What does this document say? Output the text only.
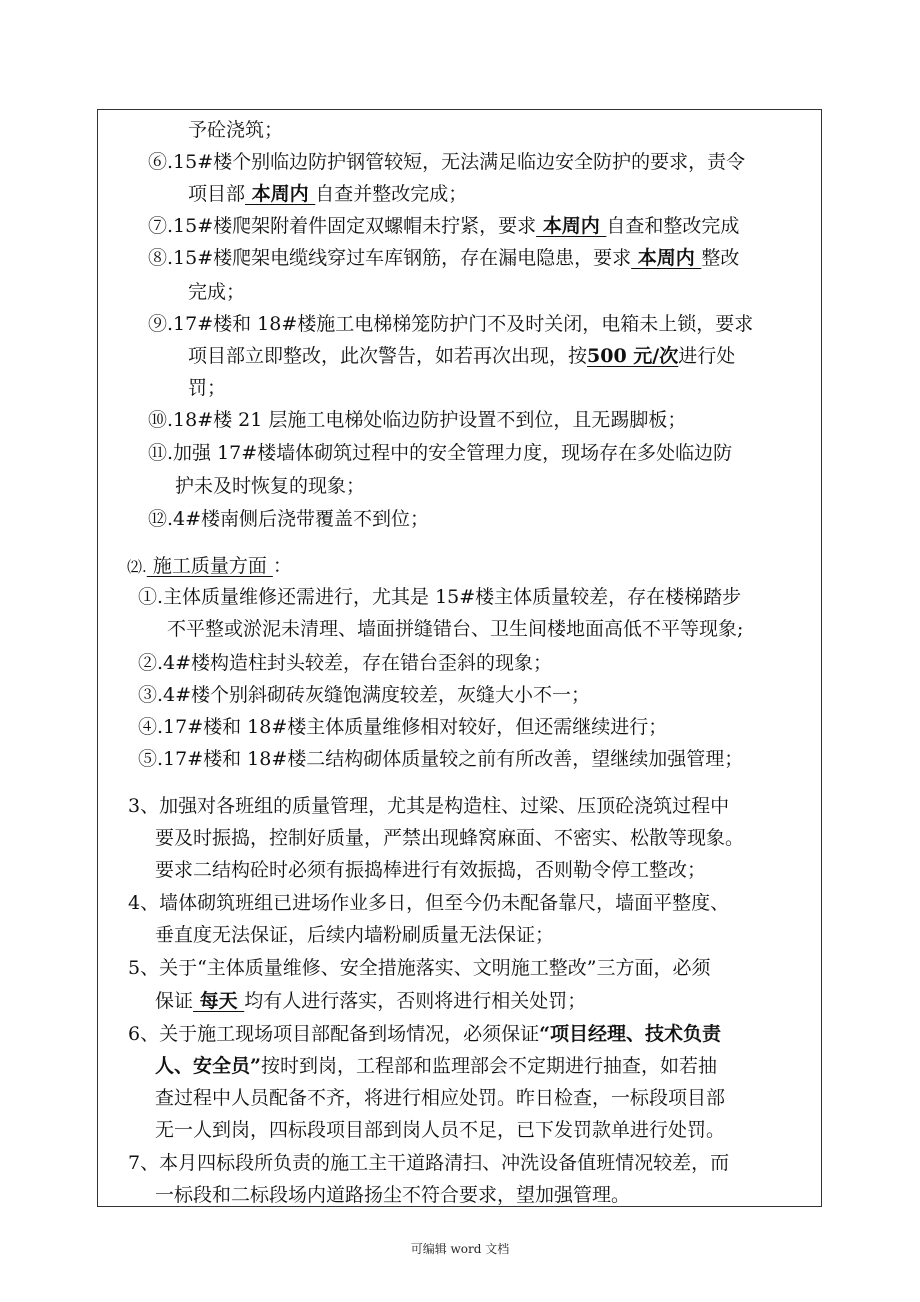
予砼浇筑；
⑥.15#楼个别临边防护钢管较短，无法满足临边安全防护的要求，责令
项目部 本周内 自查并整改完成；
⑦.15#楼爬架附着件固定双螺帽未拧紧，要求 本周内 自查和整改完成
⑧.15#楼爬架电缆线穿过车库钢筋，存在漏电隐患，要求 本周内 整改
完成；
⑨.17#楼和 18#楼施工电梯梯笼防护门不及时关闭，电箱未上锁，要求
项目部立即整改，此次警告，如若再次出现，按500 元/次进行处
罚；
⑩.18#楼 21 层施工电梯处临边防护设置不到位，且无踢脚板；
⑪.加强 17#楼墙体砌筑过程中的安全管理力度，现场存在多处临边防
护未及时恢复的现象；
⑫.4#楼南侧后浇带覆盖不到位；
⑵. 施工质量方面 ：
①.主体质量维修还需进行，尤其是 15#楼主体质量较差，存在楼梯踏步
不平整或淤泥未清理、墙面拼缝错台、卫生间楼地面高低不平等现象;
②.4#楼构造柱封头较差，存在错台歪斜的现象；
③.4#楼个别斜砌砖灰缝饱满度较差，灰缝大小不一；
④.17#楼和 18#楼主体质量维修相对较好，但还需继续进行；
⑤.17#楼和 18#楼二结构砌体质量较之前有所改善，望继续加强管理；
3、加强对各班组的质量管理，尤其是构造柱、过梁、压顶砼浇筑过程中
要及时振捣，控制好质量，严禁出现蜂窝麻面、不密实、松散等现象。
要求二结构砼时必须有振捣棒进行有效振捣，否则勒令停工整改；
4、墙体砌筑班组已进场作业多日，但至今仍未配备靠尺，墙面平整度、
垂直度无法保证，后续内墙粉刷质量无法保证；
5、关于“主体质量维修、安全措施落实、文明施工整改”三方面，必须
保证 每天 均有人进行落实，否则将进行相关处罚；
6、关于施工现场项目部配备到场情况，必须保证“项目经理、技术负责
人、安全员”按时到岗，工程部和监理部会不定期进行抽查，如若抽
查过程中人员配备不齐，将进行相应处罚。昨日检查，一标段项目部
无一人到岗，四标段项目部到岗人员不足，已下发罚款单进行处罚。
7、本月四标段所负责的施工主干道路清扫、冲洗设备值班情况较差，而
一标段和二标段场内道路扬尘不符合要求，望加强管理。
可编辑 word 文档
